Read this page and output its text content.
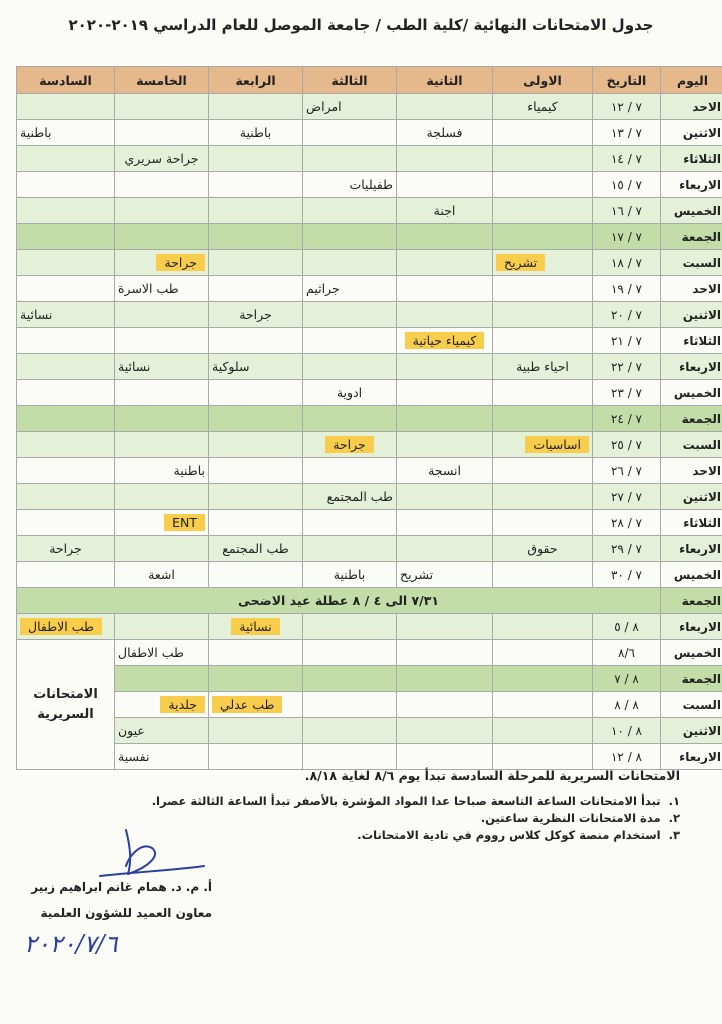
جدول الامتحانات النهائية /كلية الطب / جامعة الموصل للعام الدراسي ٢٠١٩-٢٠٢٠
اليوم	التاريخ	الاولى	الثانية	الثالثة	الرابعة	الخامسة	السادسة
الاحد	٧ / ١٢	كيمياء		امراض			
الاثنين	٧ / ١٣		فسلجة		باطنية		باطنية
الثلاثاء	٧ / ١٤					جراحة سريري	
الاربعاء	٧ / ١٥			طفيليات			
الخميس	٧ / ١٦		اجنة				
الجمعة	٧ / ١٧						
السبت	٧ / ١٨	تشريح				جراحة	
الاحد	٧ / ١٩			جراثيم		طب الاسرة	
الاثنين	٧ / ٢٠				جراحة		نسائية
الثلاثاء	٧ / ٢١		كيمياء حياتية				
الاربعاء	٧ / ٢٢	احياء طبية			سلوكية	نسائية	
الخميس	٧ / ٢٣			ادوية			
الجمعة	٧ / ٢٤						
السبت	٧ / ٢٥	اساسيات		جراحة			
الاحد	٧ / ٢٦		انسجة			باطنية	
الاثنين	٧ / ٢٧			طب المجتمع			
الثلاثاء	٧ / ٢٨					ENT	
الاربعاء	٧ / ٢٩	حقوق			طب المجتمع		جراحة
الخميس	٧ / ٣٠		تشريح	باطنية		اشعة	
الجمعة	٧/٣١ الى ٤ / ٨ عطلة عيد الاضحى						
الاربعاء	٨ / ٥				نسائية		طب الاطفال
الخميس	٨/٦					طب الاطفال	الامتحانات السريرية
الجمعة	٨ / ٧						
السبت	٨ / ٨				طب عدلي	جلدية	
الاثنين	٨ / ١٠					عيون	
الاربعاء	٨ / ١٢					نفسية	
الامتحانات السريرية للمرحلة السادسة تبدأ يوم ٨/٦ لغاية ٨/١٨.
١.تبدأ الامتحانات الساعة التاسعة صباحا عدا المواد المؤشرة بالأصفر تبدأ الساعة الثالثة عصرا.
٢.مدة الامتحانات النظرية ساعتين.
٣.استخدام منصة كوكل كلاس رووم في تادية الامتحانات.
أ. م. د. همام غانم ابراهيم زبير
معاون العميد للشؤون العلمية
٢٠٢٠/٧/٦
